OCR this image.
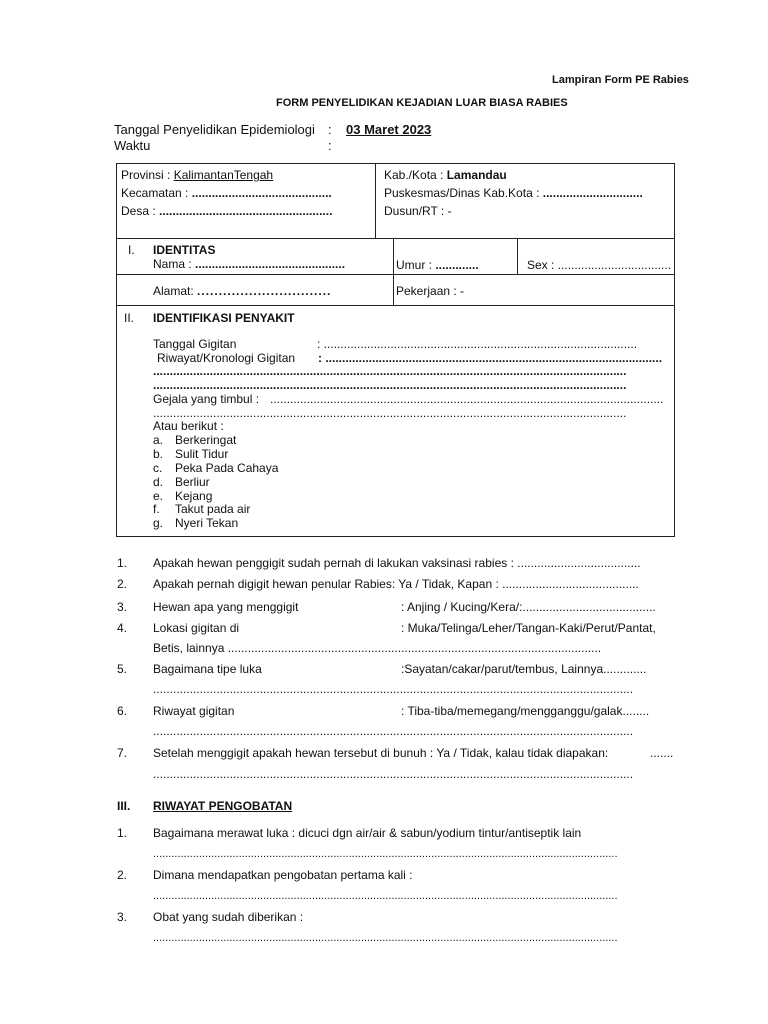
Lampiran Form PE Rabies
FORM PENYELIDIKAN KEJADIAN LUAR BIASA RABIES
Tanggal Penyelidikan Epidemiologi : 03 Maret 2023
Waktu	:
Provinsi : KalimantanTengah
Kecamatan : ..........................................
Desa : ....................................................
Kab./Kota : Lamandau
Puskesmas/Dinas Kab.Kota : ..............................
Dusun/RT : -
I. IDENTITAS
Nama : .............................................	Umur : .............	Sex : ..................................
Alamat: ...............................	Pekerjaan : -
II. IDENTIFIKASI PENYAKIT
Tanggal Gigitan	: ..............................................................................................
Riwayat/Kronologi Gigitan : .....................................................................................................
..............................................................................................................................................
..............................................................................................................................................
Gejala yang timbul : ......................................................................................................................
..............................................................................................................................................
Atau berikut :
a. Berkeringat
b. Sulit Tidur
c. Peka Pada Cahaya
d. Berliur
e. Kejang
f. Takut pada air
g. Nyeri Tekan
1. Apakah hewan penggigit sudah pernah di lakukan vaksinasi rabies : .....................................
2. Apakah pernah digigit hewan penular Rabies: Ya / Tidak, Kapan : .........................................
3. Hewan apa yang menggigit	: Anjing / Kucing/Kera/:........................................
4. Lokasi gigitan di	: Muka/Telinga/Leher/Tangan-Kaki/Perut/Pantat,
Betis, lainnya ................................................................................................................
5. Bagaimana tipe luka	:Sayatan/cakar/parut/tembus, Lainnya.............
................................................................................................................................................
6. Riwayat gigitan	: Tiba-tiba/memegang/mengganggu/galak........
................................................................................................................................................
7. Setelah menggigit apakah hewan tersebut di bunuh : Ya / Tidak, kalau tidak diapakan:	.......
................................................................................................................................................
III. RIWAYAT PENGOBATAN
1. Bagaimana merawat luka : dicuci dgn air/air & sabun/yodium tintur/antiseptik lain
........................................................................................................................................................
2. Dimana mendapatkan pengobatan pertama kali :
........................................................................................................................................................
3. Obat yang sudah diberikan :
........................................................................................................................................................
